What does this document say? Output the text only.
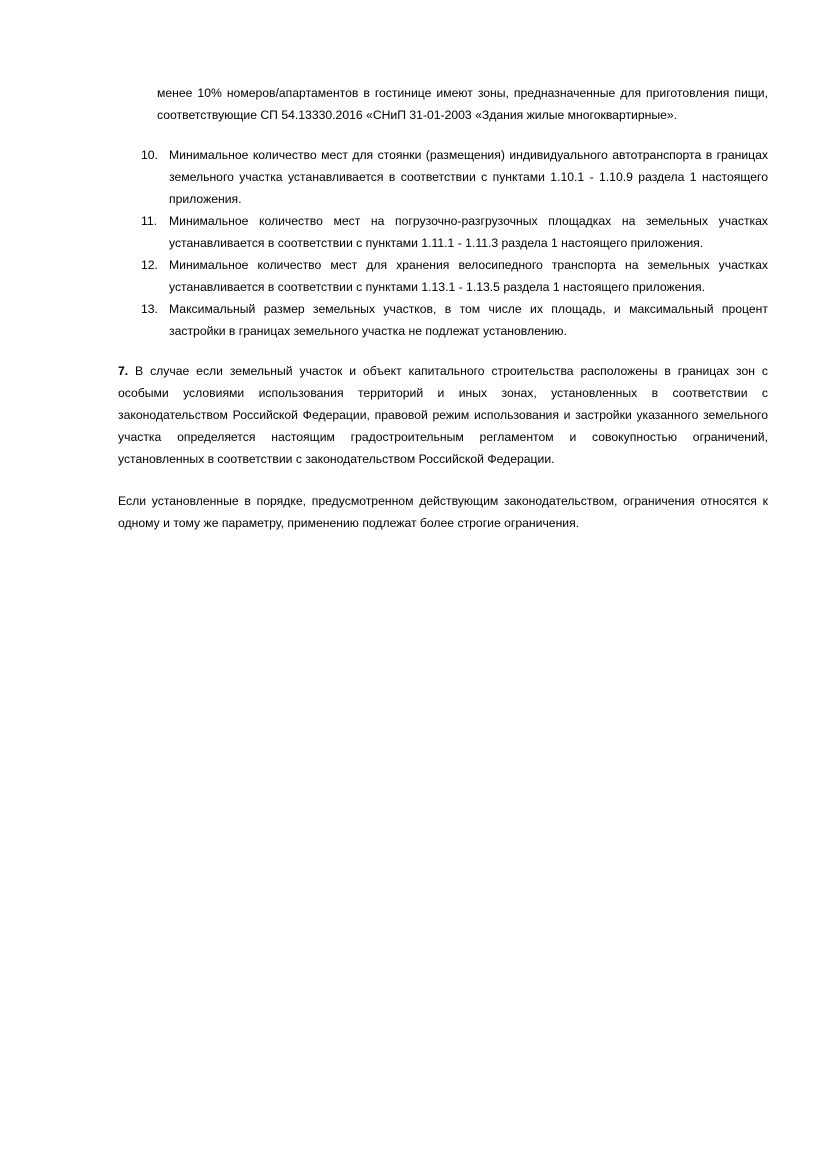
менее 10% номеров/апартаментов в гостинице имеют зоны, предназначенные для приготовления пищи, соответствующие СП 54.13330.2016 «СНиП 31-01-2003 «Здания жилые многоквартирные».

10. Минимальное количество мест для стоянки (размещения) индивидуального автотранспорта в границах земельного участка устанавливается в соответствии с пунктами 1.10.1 - 1.10.9 раздела 1 настоящего приложения.
11. Минимальное количество мест на погрузочно-разгрузочных площадках на земельных участках устанавливается в соответствии с пунктами 1.11.1 - 1.11.3 раздела 1 настоящего приложения.
12. Минимальное количество мест для хранения велосипедного транспорта на земельных участках устанавливается в соответствии с пунктами 1.13.1 - 1.13.5 раздела 1 настоящего приложения.
13. Максимальный размер земельных участков, в том числе их площадь, и максимальный процент застройки в границах земельного участка не подлежат установлению.

7. В случае если земельный участок и объект капитального строительства расположены в границах зон с особыми условиями использования территорий и иных зонах, установленных в соответствии с законодательством Российской Федерации, правовой режим использования и застройки указанного земельного участка определяется настоящим градостроительным регламентом и совокупностью ограничений, установленных в соответствии с законодательством Российской Федерации.

Если установленные в порядке, предусмотренном действующим законодательством, ограничения относятся к одному и тому же параметру, применению подлежат более строгие ограничения.
